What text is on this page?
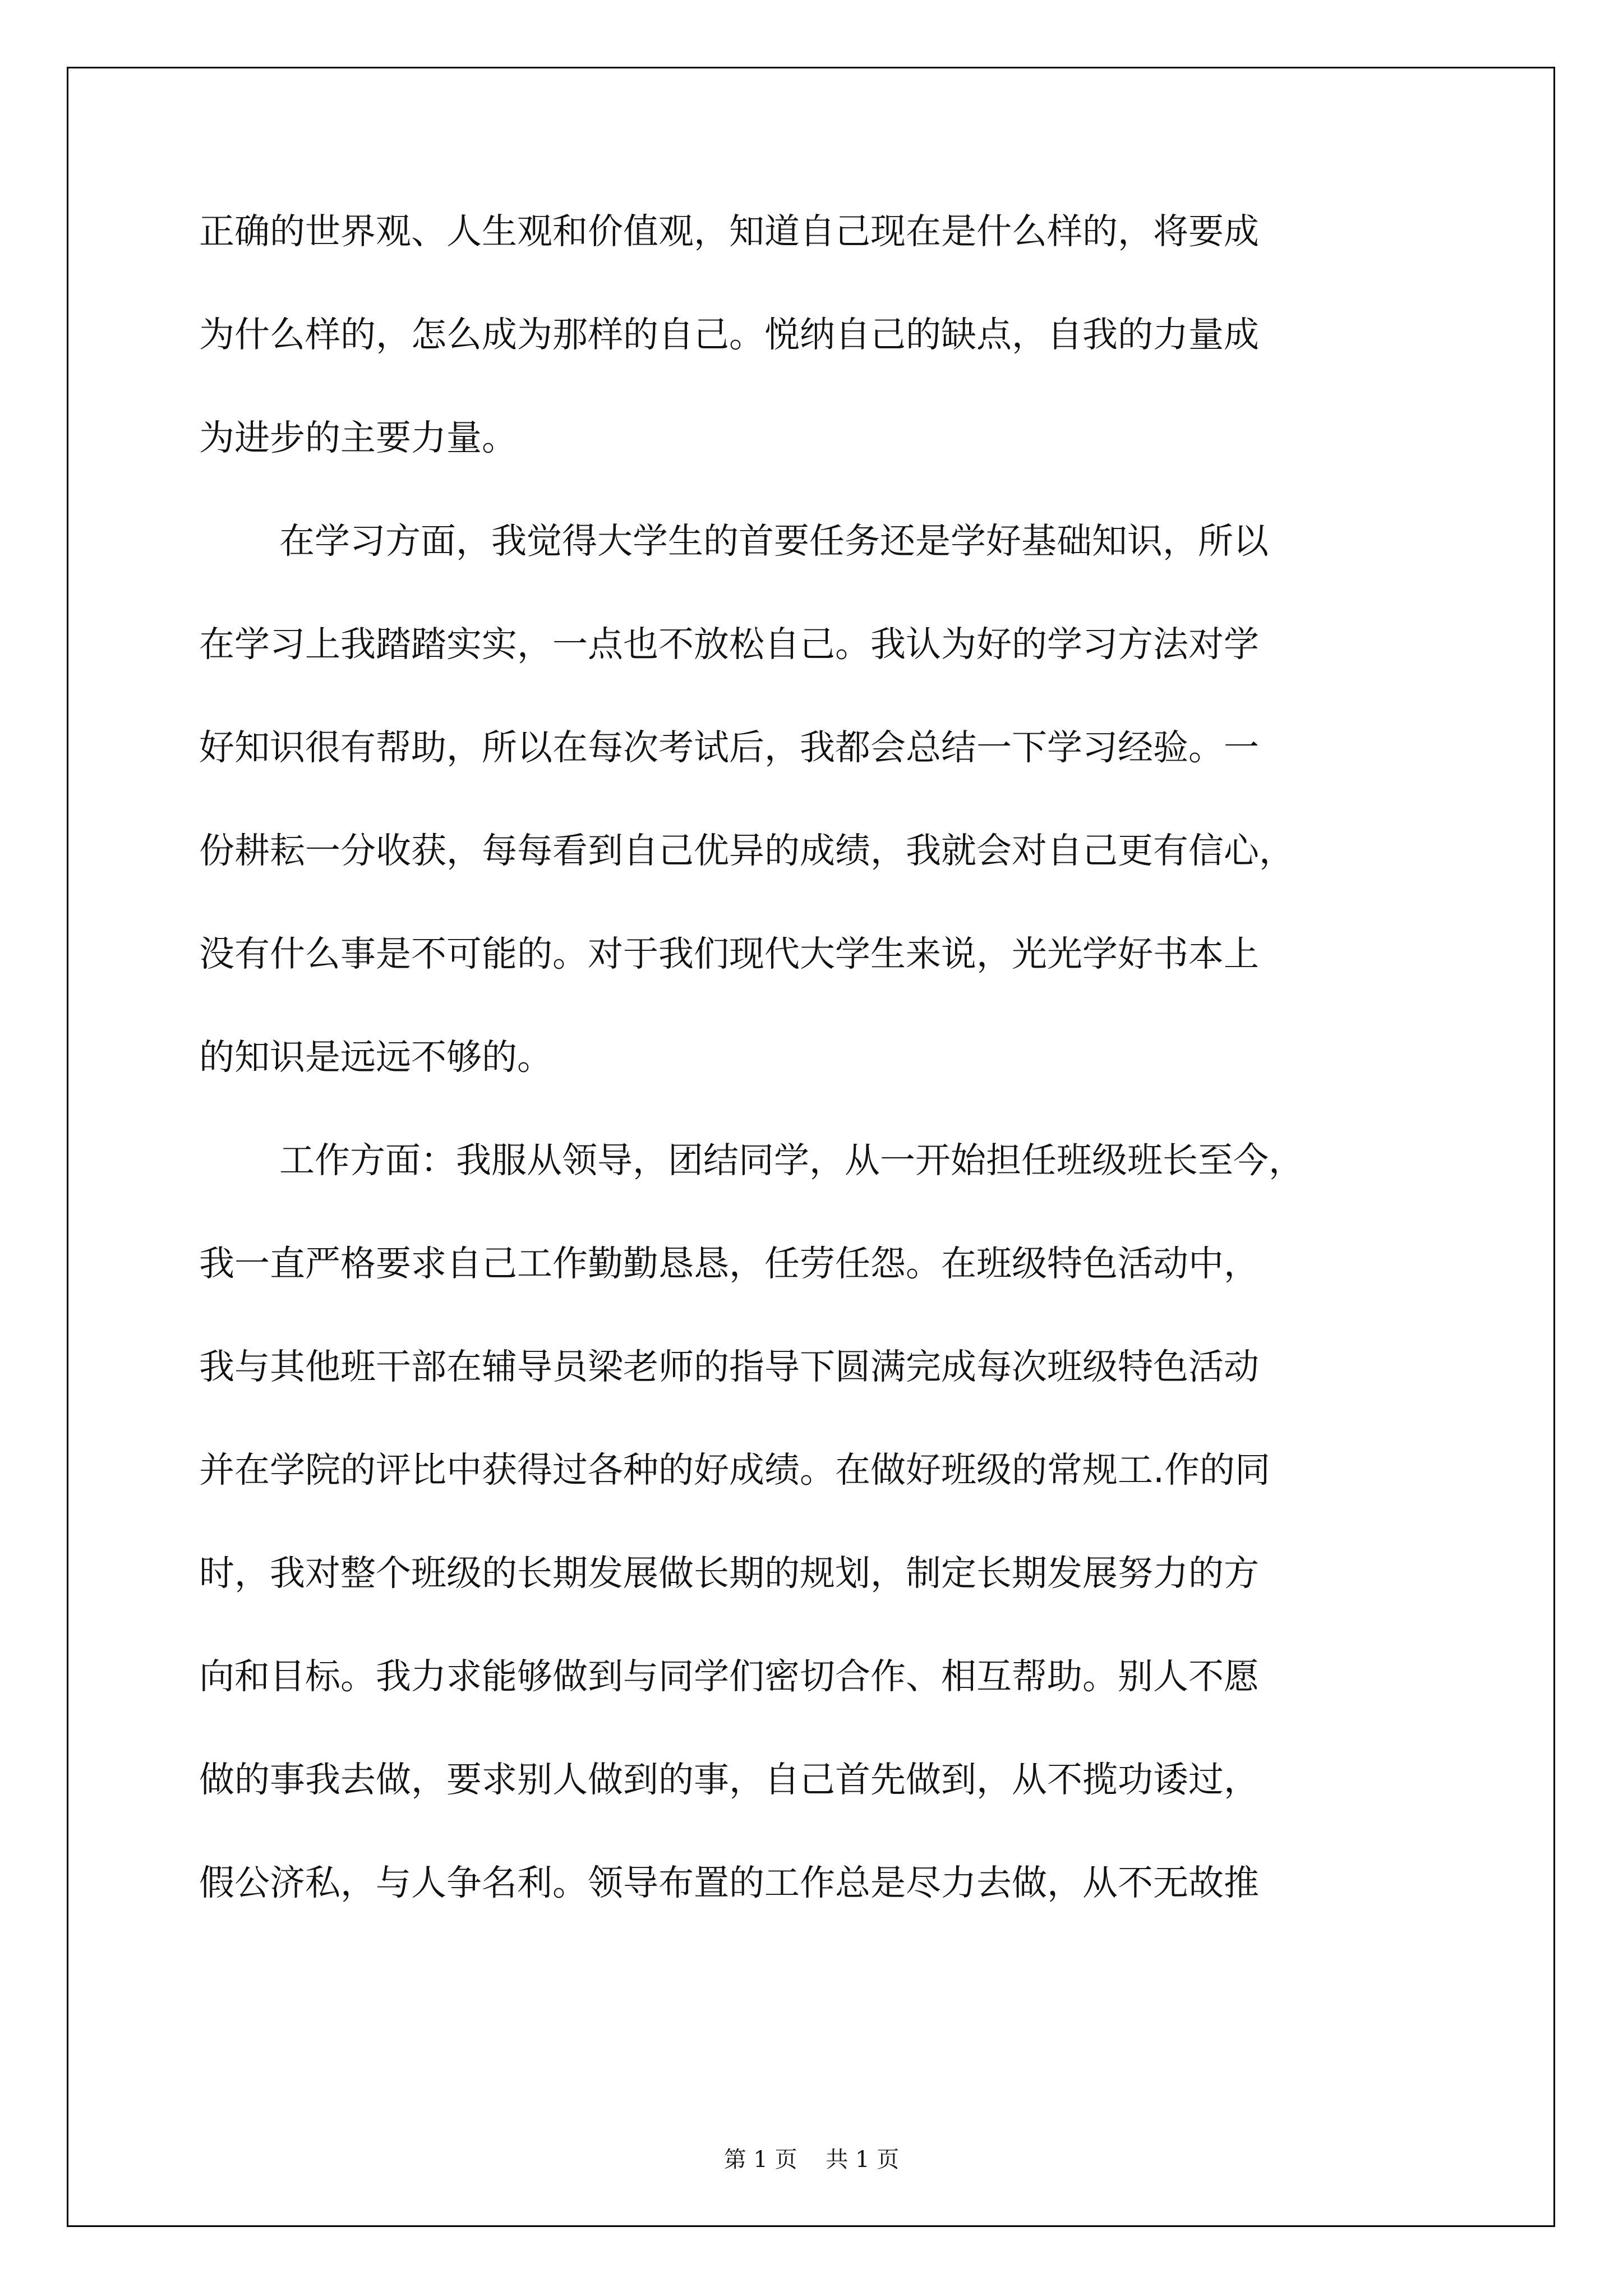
正确的世界观、人生观和价值观，知道自己现在是什么样的，将要成
为什么样的，怎么成为那样的自己。悦纳自己的缺点，自我的力量成
为进步的主要力量。
在学习方面，我觉得大学生的首要任务还是学好基础知识，所以
在学习上我踏踏实实，一点也不放松自己。我认为好的学习方法对学
好知识很有帮助，所以在每次考试后，我都会总结一下学习经验。一
份耕耘一分收获，每每看到自己优异的成绩，我就会对自己更有信心，
没有什么事是不可能的。对于我们现代大学生来说，光光学好书本上
的知识是远远不够的。
工作方面：我服从领导，团结同学，从一开始担任班级班长至今，
我一直严格要求自己工作勤勤恳恳，任劳任怨。在班级特色活动中，
我与其他班干部在辅导员梁老师的指导下圆满完成每次班级特色活动
并在学院的评比中获得过各种的好成绩。在做好班级的常规工.作的同
时，我对整个班级的长期发展做长期的规划，制定长期发展努力的方
向和目标。我力求能够做到与同学们密切合作、相互帮助。别人不愿
做的事我去做，要求别人做到的事，自己首先做到，从不揽功诿过，
假公济私，与人争名利。领导布置的工作总是尽力去做，从不无故推
第 1 页    共 1 页
